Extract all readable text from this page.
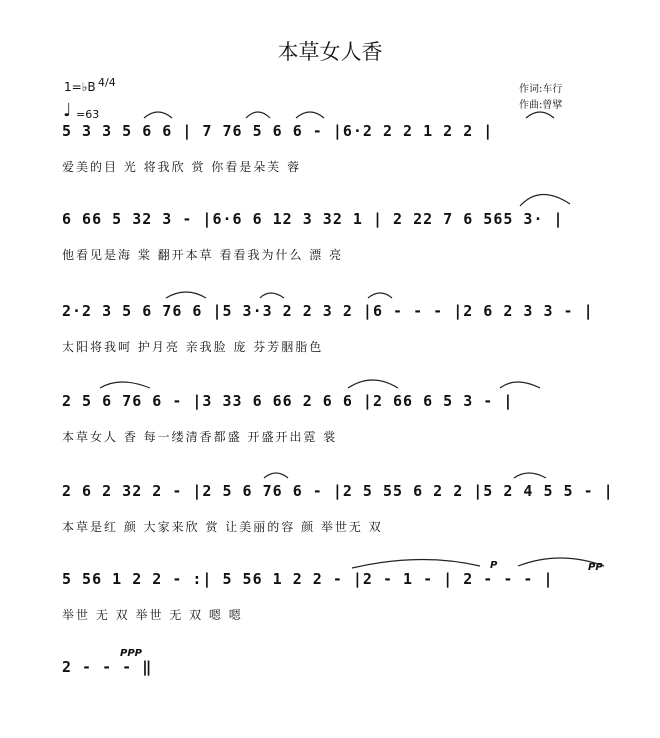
本草女人香
1=♭B 4/4
♩ =63
作词:车行
作曲:曾擘
5 3 3 5 6 6 | 7 76 5 6 6 - |6·2 2 2 1 2 2 |
爱美的目 光 将我欣 赏 你看是朵芙 蓉
6 66 5 32 3 - |6·6 6 12 3 32 1 | 2 22 7 6 565 3· |
他看见是海 棠 翻开本草 看看我为什么 漂 亮
2·2 3 5 6 76 6 |5 3·3 2 2 3 2 |6 - - - |2 6 2 3 3 - |
太阳将我呵 护月亮 亲我脸 庞 芬芳胭脂色
2 5 6 76 6 - |3 33 6 66 2 6 6 |2 66 6 5 3 - |
本草女人 香 每一缕清香都盛 开盛开出霓 裳
2 6 2 32 2 - |2 5 6 76 6 - |2 5 55 6 2 2 |5 2 4 5 5 - |
本草是红 颜 大家来欣 赏 让美丽的容 颜 举世无 双
5 56 1 2 2 - :| 5 56 1 2 2 - |2 - 1 - | 2 - - - |
举世 无 双 举世 无 双 嗯 嗯
2 - - - ‖
P	PP
PPP
